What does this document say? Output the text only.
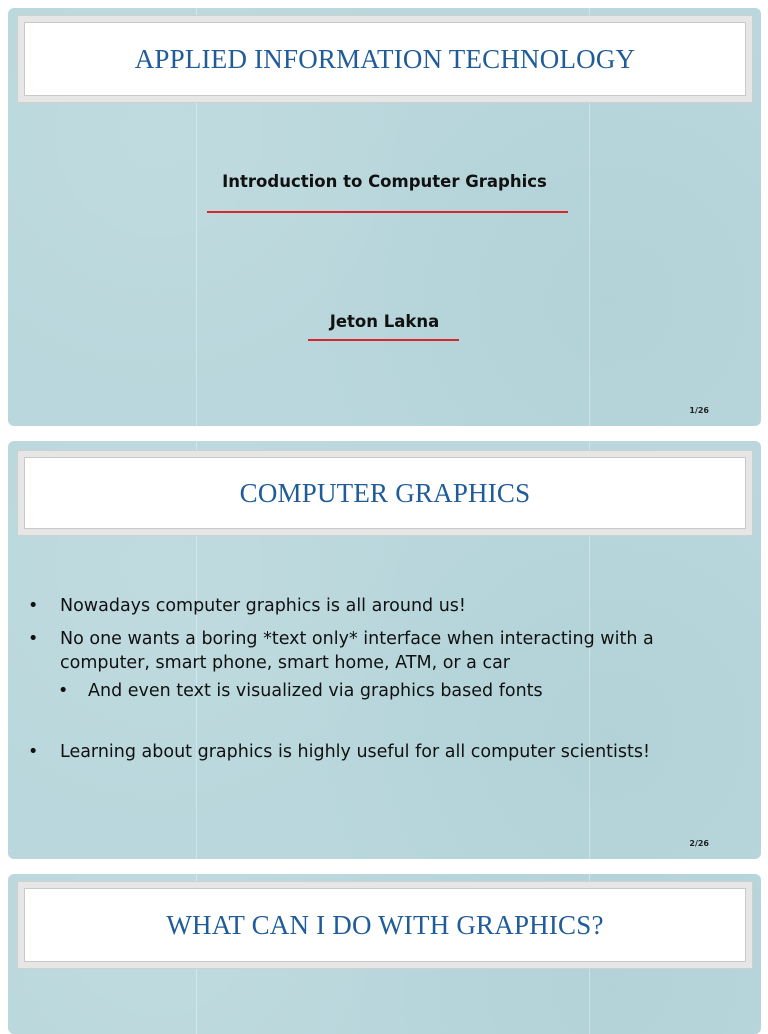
APPLIED INFORMATION TECHNOLOGY
Introduction to Computer Graphics
Jeton Lakna
1/26
COMPUTER GRAPHICS
• Nowadays computer graphics is all around us!
• No one wants a boring *text only* interface when interacting with a computer, smart phone, smart home, ATM, or a car
• And even text is visualized via graphics based fonts
• Learning about graphics is highly useful for all computer scientists!
2/26
WHAT CAN I DO WITH GRAPHICS?
